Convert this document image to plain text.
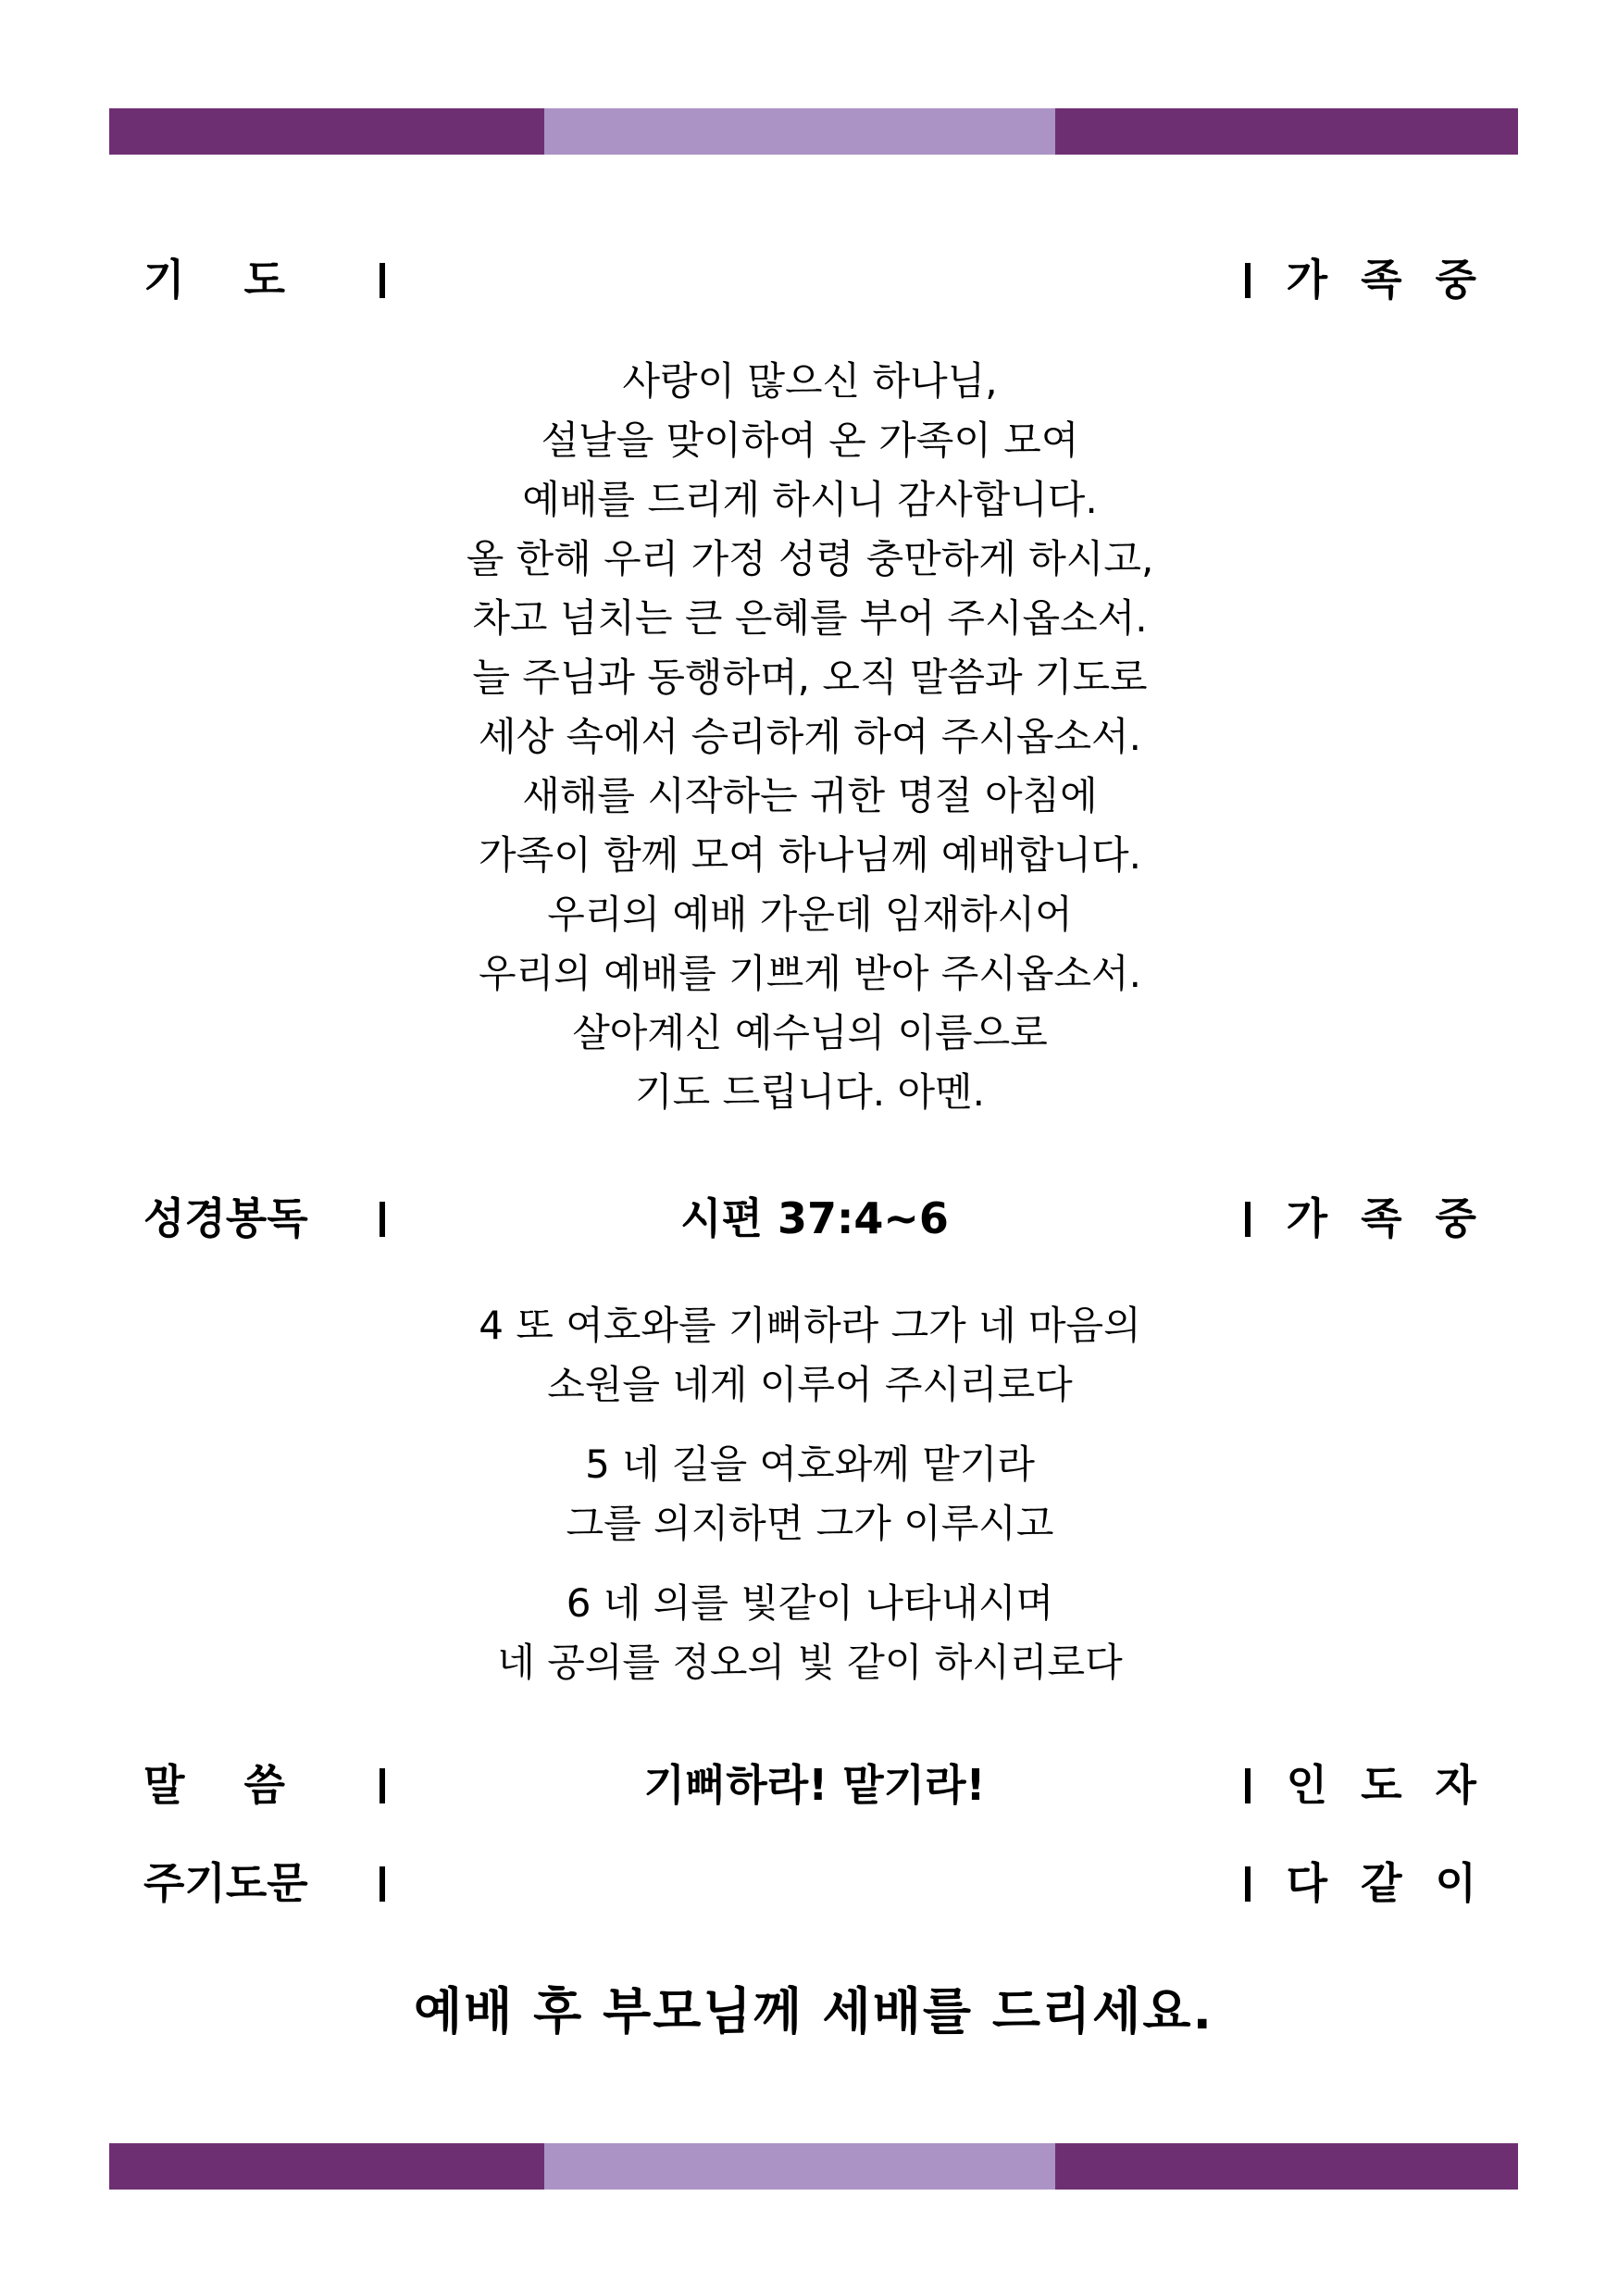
기    도	가 족 중
사랑이 많으신 하나님,
설날을 맞이하여 온 가족이 모여
예배를 드리게 하시니 감사합니다.
올 한해 우리 가정 성령 충만하게 하시고,
차고 넘치는 큰 은혜를 부어 주시옵소서.
늘 주님과 동행하며, 오직 말씀과 기도로
세상 속에서 승리하게 하여 주시옵소서.
새해를 시작하는 귀한 명절 아침에
가족이 함께 모여 하나님께 예배합니다.
우리의 예배 가운데 임재하시어
우리의 예배를 기쁘게 받아 주시옵소서.
살아계신 예수님의 이름으로
기도 드립니다. 아멘.
성경봉독	시편 37:4~6	가 족 중
4 또 여호와를 기뻐하라 그가 네 마음의
소원을 네게 이루어 주시리로다
5 네 길을 여호와께 맡기라
그를 의지하면 그가 이루시고
6 네 의를 빛같이 나타내시며
네 공의를 정오의 빛 같이 하시리로다
말    씀	기뻐하라! 맡기라!	인 도 자
주기도문	다 같 이
예배 후 부모님께 세배를 드리세요.
